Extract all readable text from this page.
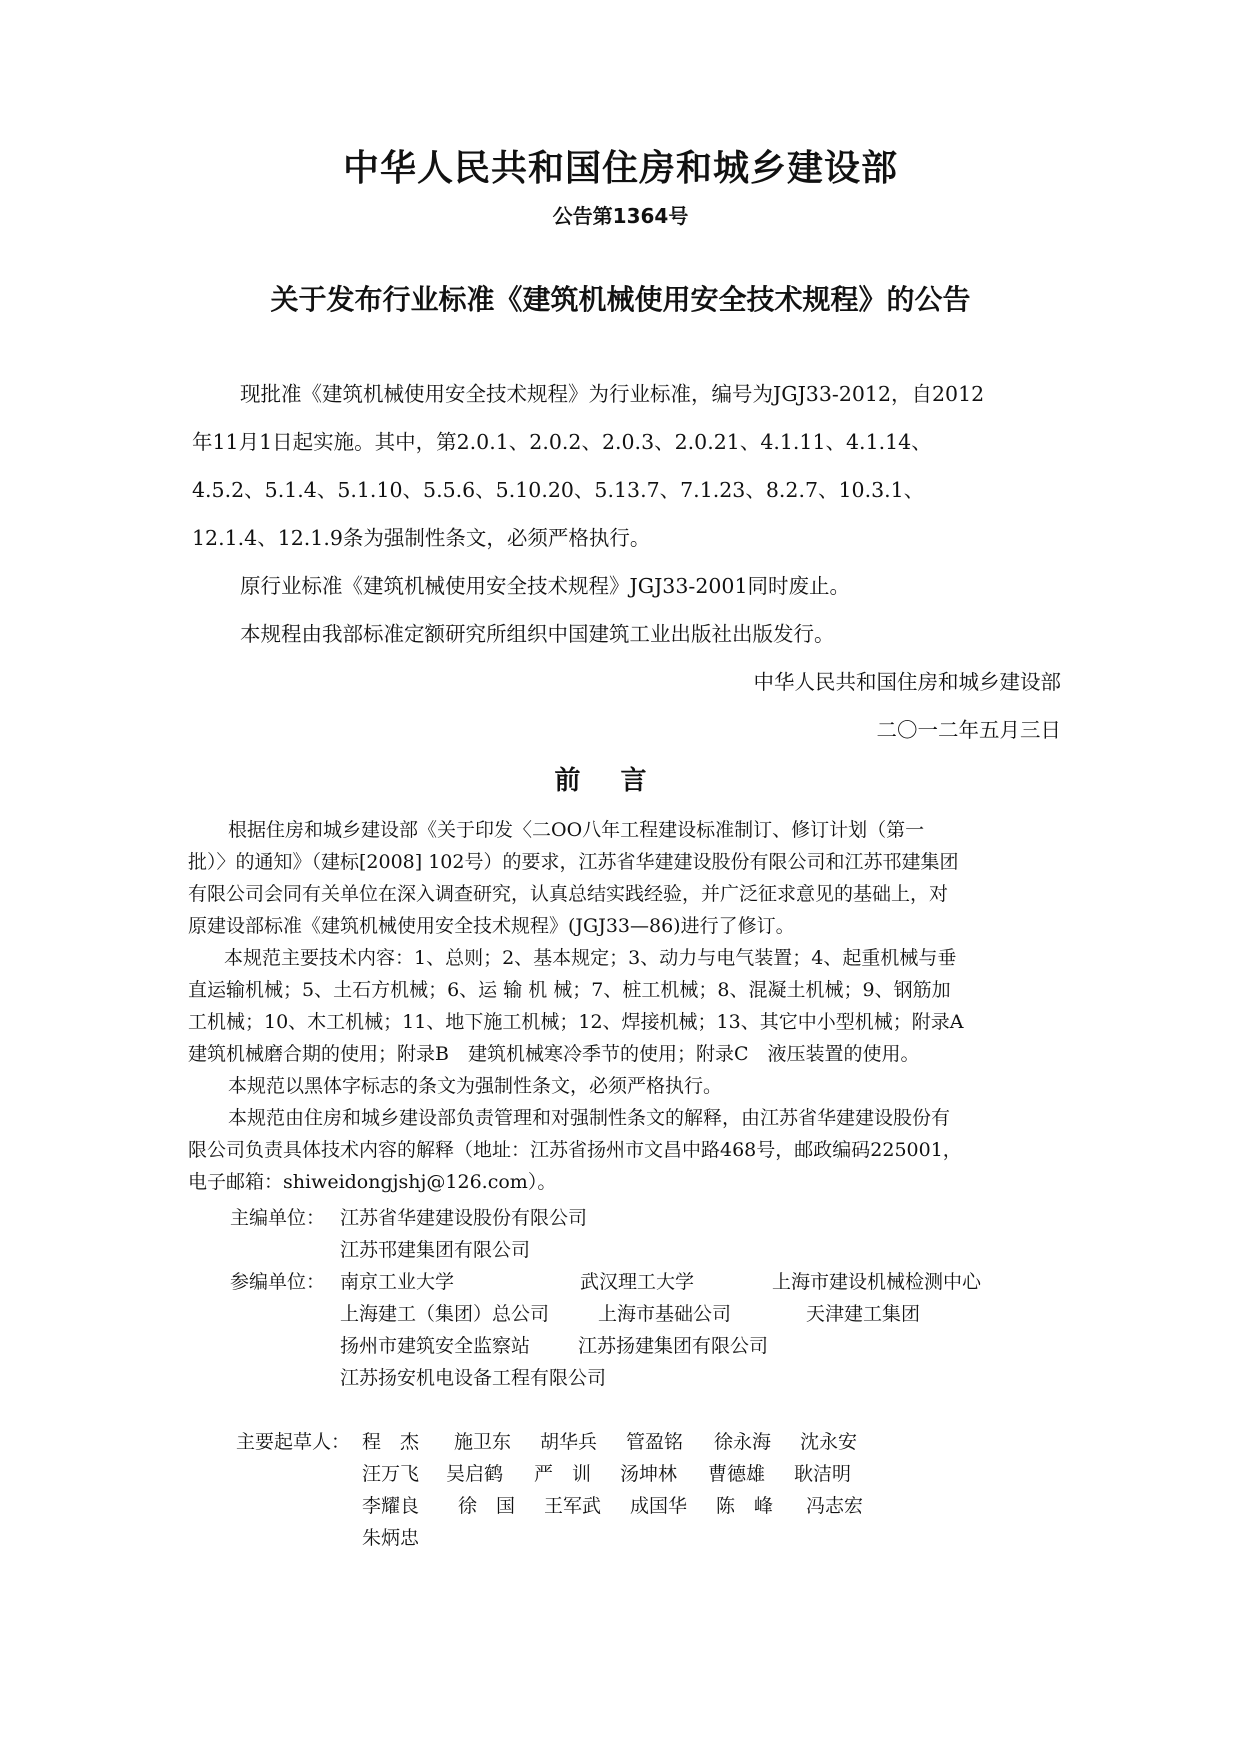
中华人民共和国住房和城乡建设部
公告第1364号
关于发布行业标准《建筑机械使用安全技术规程》的公告

现批准《建筑机械使用安全技术规程》为行业标准，编号为JGJ33-2012，自2012

年11月1日起实施。其中，第2.0.1、2.0.2、2.0.3、2.0.21、4.1.11、4.1.14、

4.5.2、5.1.4、5.1.10、5.5.6、5.10.20、5.13.7、7.1.23、8.2.7、10.3.1、

12.1.4、12.1.9条为强制性条文，必须严格执行。

原行业标准《建筑机械使用安全技术规程》JGJ33-2001同时废止。

本规程由我部标准定额研究所组织中国建筑工业出版社出版发行。

中华人民共和国住房和城乡建设部
二〇一二年五月三日
前言

根据住房和城乡建设部《关于印发〈二OO八年工程建设标准制订、修订计划（第一

批）〉的通知》（建标[2008] 102号）的要求，江苏省华建建设股份有限公司和江苏邗建集团

有限公司会同有关单位在深入调查研究，认真总结实践经验，并广泛征求意见的基础上，对

原建设部标准《建筑机械使用安全技术规程》(JGJ33—86)进行了修订。

本规范主要技术内容：1、总则；2、基本规定；3、动力与电气装置；4、起重机械与垂

直运输机械；5、土石方机械；6、运 输 机 械；7、桩工机械；8、混凝土机械；9、钢筋加

工机械；10、木工机械；11、地下施工机械；12、焊接机械；13、其它中小型机械；附录A

建筑机械磨合期的使用；附录B　建筑机械寒冷季节的使用；附录C　液压装置的使用。

本规范以黑体字标志的条文为强制性条文，必须严格执行。

本规范由住房和城乡建设部负责管理和对强制性条文的解释，由江苏省华建建设股份有

限公司负责具体技术内容的解释（地址：江苏省扬州市文昌中路468号，邮政编码225001，

电子邮箱：shiweidongjshj@126.com）。

主编单位： 江苏省华建建设股份有限公司
江苏邗建集团有限公司
参编单位： 南京工业大学	武汉理工大学	上海市建设机械检测中心
上海建工（集团）总公司	上海市基础公司	天津建工集团
扬州市建筑安全监察站	江苏扬建集团有限公司
江苏扬安机电设备工程有限公司
主要起草人： 程　杰 施卫东 胡华兵 管盈铭 徐永海 沈永安
汪万飞 吴启鹤 严　训 汤坤林 曹德雄 耿洁明
李耀良 徐　国 王军武 成国华 陈　峰 冯志宏
朱炳忠
